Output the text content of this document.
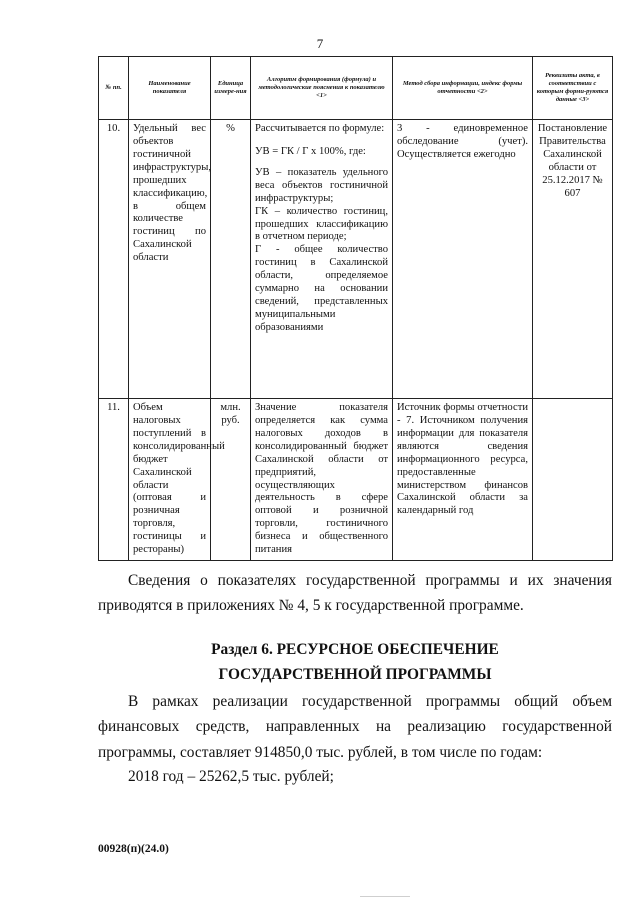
7
№ пп.	Наименование показателя	Единица измере-ния	Алгоритм формирования (формула) и методологические пояснения к показателю <1>	Метод сбора информации, индекс формы отчетности <2>	Реквизиты акта, в соответствии с которым форми-руются данные <3>
10.	Удельный вес объектов гостиничной инфраструктуры, прошедших классификацию, в общем количестве гостиниц по Сахалинской области	%	Рассчитывается по формуле:
УВ = ГК / Г x 100%, где:
УВ – показатель удельного веса объектов гостиничной инфраструктуры;
ГК – количество гостиниц, прошедших классификацию в отчетном периоде;
Г - общее количество гостиниц в Сахалинской области, определяемое суммарно на основании сведений, представленных муниципальными образованиями	3 - единовременное обследование (учет). Осуществляется ежегодно	Постановление Правительства Сахалинской области от 25.12.2017 № 607
11.	Объем налоговых поступлений в консолидированный бюджет Сахалинской области (оптовая и розничная торговля, гостиницы и рестораны)	млн. руб.	Значение показателя определяется как сумма налоговых доходов в консолидированный бюджет Сахалинской области от предприятий, осуществляющих деятельность в сфере оптовой и розничной торговли, гостиничного бизнеса и общественного питания	Источник формы отчетности - 7. Источником получения информации для показателя являются сведения информационного ресурса, предоставленные министерством финансов Сахалинской области за календарный год	
Сведения о показателях государственной программы и их значения приводятся в приложениях № 4, 5 к государственной программе.
Раздел 6. РЕСУРСНОЕ ОБЕСПЕЧЕНИЕ
ГОСУДАРСТВЕННОЙ ПРОГРАММЫ
В рамках реализации государственной программы общий объем финансовых средств, направленных на реализацию государственной программы, составляет 914850,0 тыс. рублей, в том числе по годам:
2018 год – 25262,5 тыс. рублей;
00928(п)(24.0)
